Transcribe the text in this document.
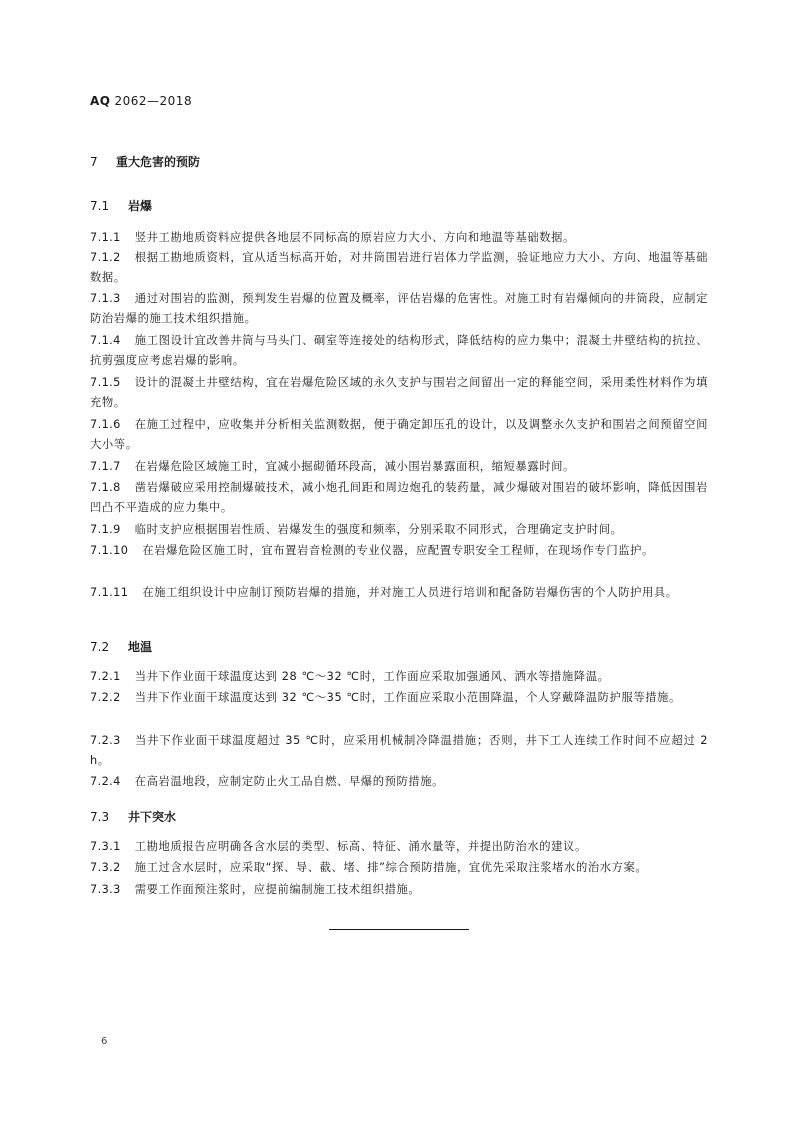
AQ 2062—2018
7 重大危害的预防
7.1 岩爆
7.1.1 竖井工勘地质资料应提供各地层不同标高的原岩应力大小、方向和地温等基础数据。
7.1.2 根据工勘地质资料，宜从适当标高开始，对井筒围岩进行岩体力学监测，验证地应力大小、方向、地温等基础数据。
7.1.3 通过对围岩的监测，预判发生岩爆的位置及概率，评估岩爆的危害性。对施工时有岩爆倾向的井筒段，应制定防治岩爆的施工技术组织措施。
7.1.4 施工图设计宜改善井筒与马头门、硐室等连接处的结构形式，降低结构的应力集中；混凝土井壁结构的抗拉、抗剪强度应考虑岩爆的影响。
7.1.5 设计的混凝土井壁结构，宜在岩爆危险区域的永久支护与围岩之间留出一定的释能空间，采用柔性材料作为填充物。
7.1.6 在施工过程中，应收集并分析相关监测数据，便于确定卸压孔的设计，以及调整永久支护和围岩之间预留空间大小等。
7.1.7 在岩爆危险区域施工时，宜减小掘砌循环段高，减小围岩暴露面积，缩短暴露时间。
7.1.8 凿岩爆破应采用控制爆破技术，减小炮孔间距和周边炮孔的装药量，减少爆破对围岩的破坏影响，降低因围岩凹凸不平造成的应力集中。
7.1.9 临时支护应根据围岩性质、岩爆发生的强度和频率，分别采取不同形式，合理确定支护时间。
7.1.10 在岩爆危险区施工时，宜布置岩音检测的专业仪器，应配置专职安全工程师，在现场作专门监护。
7.1.11 在施工组织设计中应制订预防岩爆的措施，并对施工人员进行培训和配备防岩爆伤害的个人防护用具。
7.2 地温
7.2.1 当井下作业面干球温度达到 28 ℃～32 ℃时，工作面应采取加强通风、洒水等措施降温。
7.2.2 当井下作业面干球温度达到 32 ℃～35 ℃时，工作面应采取小范围降温，个人穿戴降温防护服等措施。
7.2.3 当井下作业面干球温度超过 35 ℃时，应采用机械制冷降温措施；否则，井下工人连续工作时间不应超过 2 h。
7.2.4 在高岩温地段，应制定防止火工品自燃、早爆的预防措施。
7.3 井下突水
7.3.1 工勘地质报告应明确各含水层的类型、标高、特征、涌水量等，并提出防治水的建议。
7.3.2 施工过含水层时，应采取“探、导、截、堵、排”综合预防措施，宜优先采取注浆堵水的治水方案。
7.3.3 需要工作面预注浆时，应提前编制施工技术组织措施。
6
